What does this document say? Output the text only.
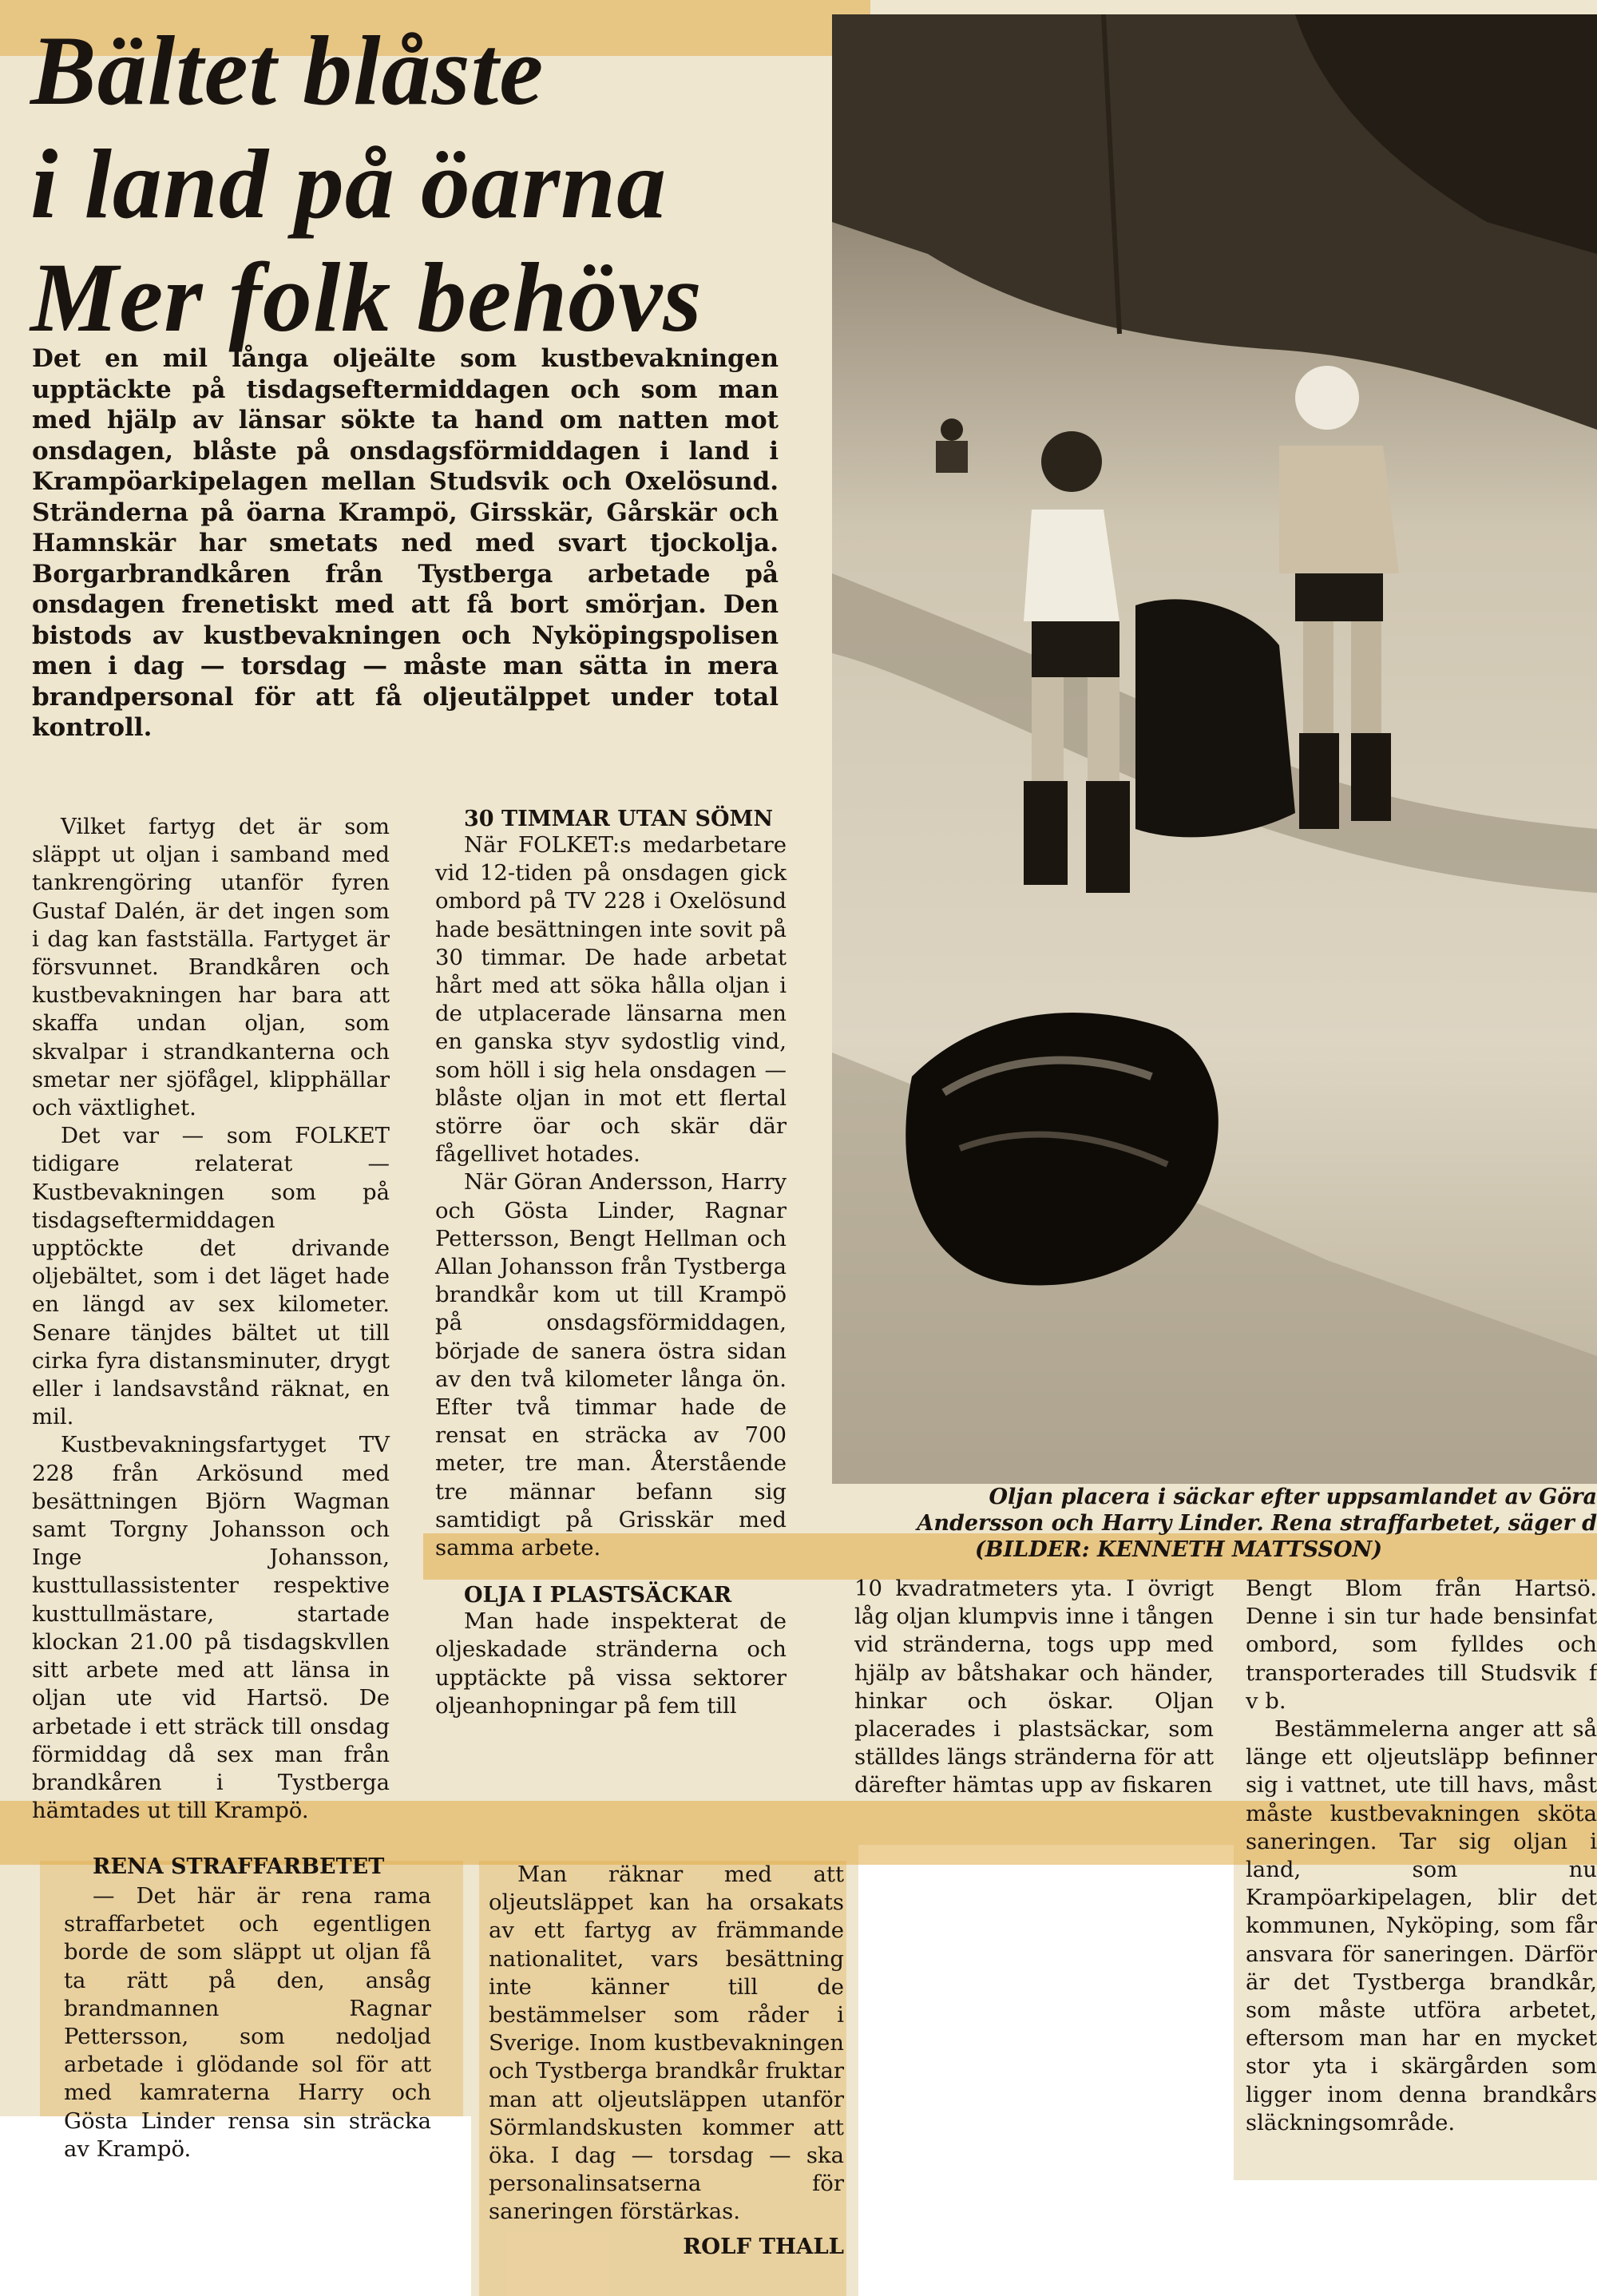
Bältet blåste
i land på öarna
Mer folk behövs

Det en mil långa oljeälte som kustbevakningen upptäckte på tisdagseftermiddagen och som man med hjälp av länsar sökte ta hand om natten mot onsdagen, blåste på onsdagsförmiddagen i land i Krampöarkipelagen mellan Studsvik och Oxelösund. Stränderna på öarna Krampö, Girsskär, Gårskär och Hamnskär har smetats ned med svart tjockolja. Borgarbrandkåren från Tystberga arbetade på onsdagen frenetiskt med att få bort smörjan. Den bistods av kustbevakningen och Nyköpingspolisen men i dag — torsdag — måste man sätta in mera brandpersonal för att få oljeutälppet under total kontroll.

Vilket fartyg det är som släppt ut oljan i samband med tankrengöring utanför fyren Gustaf Dalén, är det ingen som i dag kan fastställa. Fartyget är försvunnet. Brandkåren och kustbevakningen har bara att skaffa undan oljan, som skvalpar i strandkanterna och smetar ner sjöfågel, klipphällar och växtlighet.

Det var — som FOLKET tidigare relaterat — Kustbevakningen som på tisdagseftermiddagen upptöckte det drivande oljebältet, som i det läget hade en längd av sex kilometer. Senare tänjdes bältet ut till cirka fyra distansminuter, drygt eller i landsavstånd räknat, en mil.

Kustbevakningsfartyget TV 228 från Arkösund med besättningen Björn Wagman samt Torgny Johansson och Inge Johansson, kusttullassistenter respektive kusttullmästare, startade klockan 21.00 på tisdagskvllen sitt arbete med att länsa in oljan ute vid Hartsö. De arbetade i ett sträck till onsdag förmiddag då sex man från brandkåren i Tystberga hämtades ut till Krampö.

30 TIMMAR UTAN SÖMN

När FOLKET:s medarbetare vid 12-tiden på onsdagen gick ombord på TV 228 i Oxelösund hade besättningen inte sovit på 30 timmar. De hade arbetat hårt med att söka hålla oljan i de utplacerade länsarna men en ganska styv sydostlig vind, som höll i sig hela onsdagen — blåste oljan in mot ett flertal större öar och skär där fågellivet hotades.

När Göran Andersson, Harry och Gösta Linder, Ragnar Pettersson, Bengt Hellman och Allan Johansson från Tystberga brandkår kom ut till Krampö på onsdagsförmiddagen, började de sanera östra sidan av den två kilometer långa ön. Efter två timmar hade de rensat en sträcka av 700 meter, tre man. Återstående tre männar befann sig samtidigt på Grisskär med samma arbete.

OLJA I PLASTSÄCKAR

Man hade inspekterat de oljeskadade stränderna och upptäckte på vissa sektorer oljeanhopningar på fem till

Oljan placera i säckar efter uppsamlandet av Göra
Andersson och Harry Linder. Rena straffarbetet, säger d
(BILDER: KENNETH MATTSSON)

10 kvadratmeters yta. I övrigt låg oljan klumpvis inne i tången vid stränderna, togs upp med hjälp av båtshakar och händer, hinkar och öskar. Oljan placerades i plastsäckar, som ställdes längs stränderna för att därefter hämtas upp av fiskaren

Bengt Blom från Hartsö. Denne i sin tur hade bensinfat ombord, som fylldes och transporterades till Studsvik f v b.

Bestämmelerna anger att så länge ett oljeutsläpp befinner sig i vattnet, ute till havs, måst måste kustbevakningen sköta saneringen. Tar sig oljan i land, som nu Krampöarkipelagen, blir det kommunen, Nyköping, som får ansvara för saneringen. Därför är det Tystberga brandkår, som måste utföra arbetet, eftersom man har en mycket stor yta i skärgården som ligger inom denna brandkårs släckningsområde.

RENA STRAFFARBETET

— Det här är rena rama straffarbetet och egentligen borde de som släppt ut oljan få ta rätt på den, ansåg brandmannen Ragnar Pettersson, som nedoljad arbetade i glödande sol för att med kamraterna Harry och Gösta Linder rensa sin sträcka av Krampö.

Man räknar med att oljeutsläppet kan ha orsakats av ett fartyg av främmande nationalitet, vars besättning inte känner till de bestämmelser som råder i Sverige. Inom kustbevakningen och Tystberga brandkår fruktar man att oljeutsläppen utanför Sörmlandskusten kommer att öka. I dag — torsdag — ska personalinsatserna för saneringen förstärkas.

ROLF THALL
